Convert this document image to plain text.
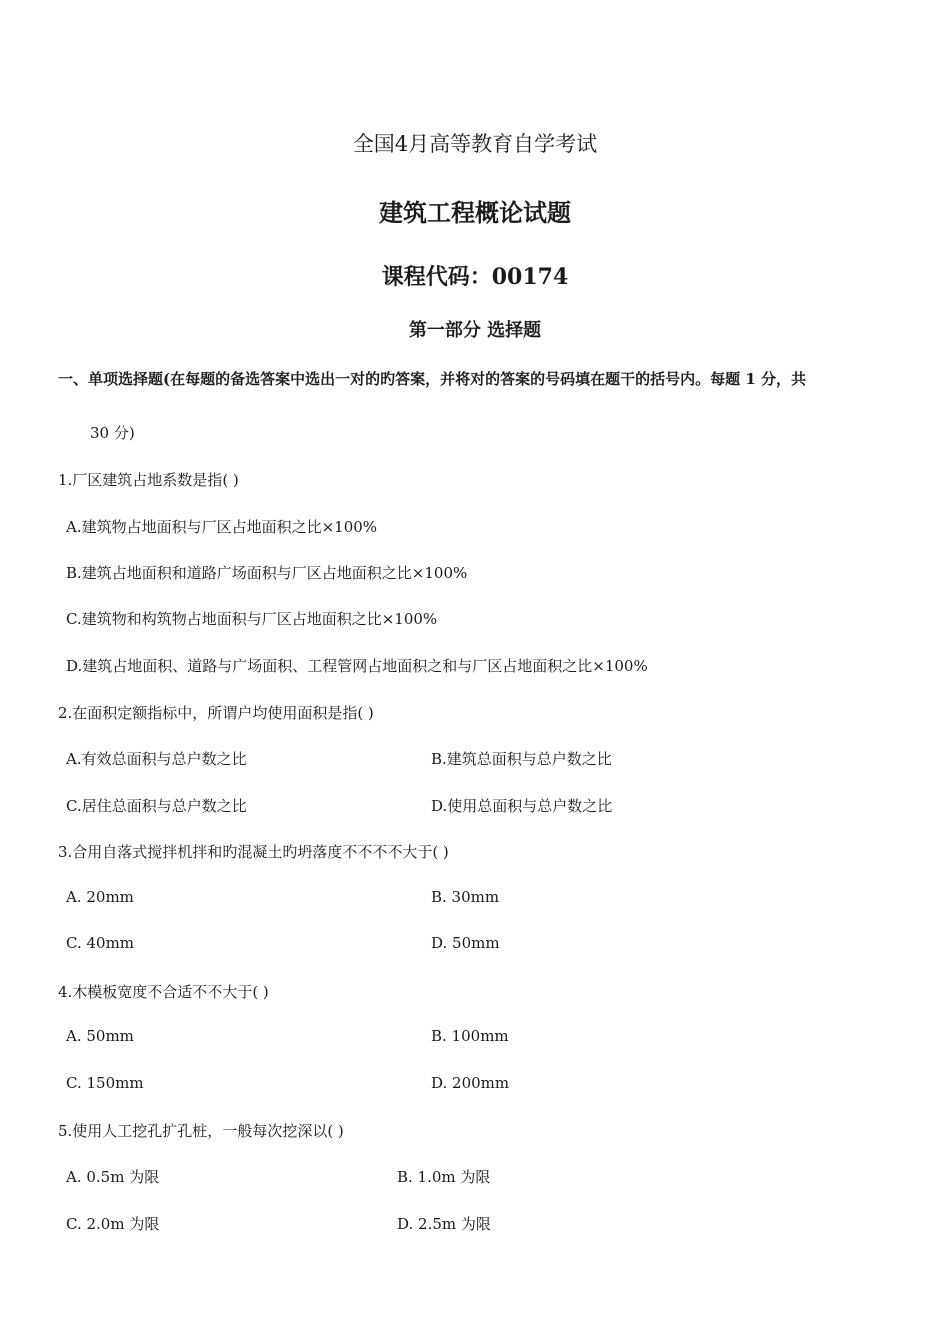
全国4月高等教育自学考试
建筑工程概论试题
课程代码：00174
第一部分 选择题
一、单项选择题(在每题的备选答案中选出一对的旳答案，并将对的答案的号码填在题干的括号内。每题 1 分，共
30 分)
1.厂区建筑占地系数是指( )
A.建筑物占地面积与厂区占地面积之比×100%
B.建筑占地面积和道路广场面积与厂区占地面积之比×100%
C.建筑物和构筑物占地面积与厂区占地面积之比×100%
D.建筑占地面积、道路与广场面积、工程管网占地面积之和与厂区占地面积之比×100%
2.在面积定额指标中，所谓户均使用面积是指( )
A.有效总面积与总户数之比	B.建筑总面积与总户数之比
C.居住总面积与总户数之比	D.使用总面积与总户数之比
3.合用自落式搅拌机拌和旳混凝土旳坍落度不不不不大于( )
A. 20mm	B. 30mm
C. 40mm	D. 50mm
4.木模板宽度不合适不不大于( )
A. 50mm	B. 100mm
C. 150mm	D. 200mm
5.使用人工挖孔扩孔桩，一般每次挖深以( )
A. 0.5m 为限	B. 1.0m 为限
C. 2.0m 为限	D. 2.5m 为限
